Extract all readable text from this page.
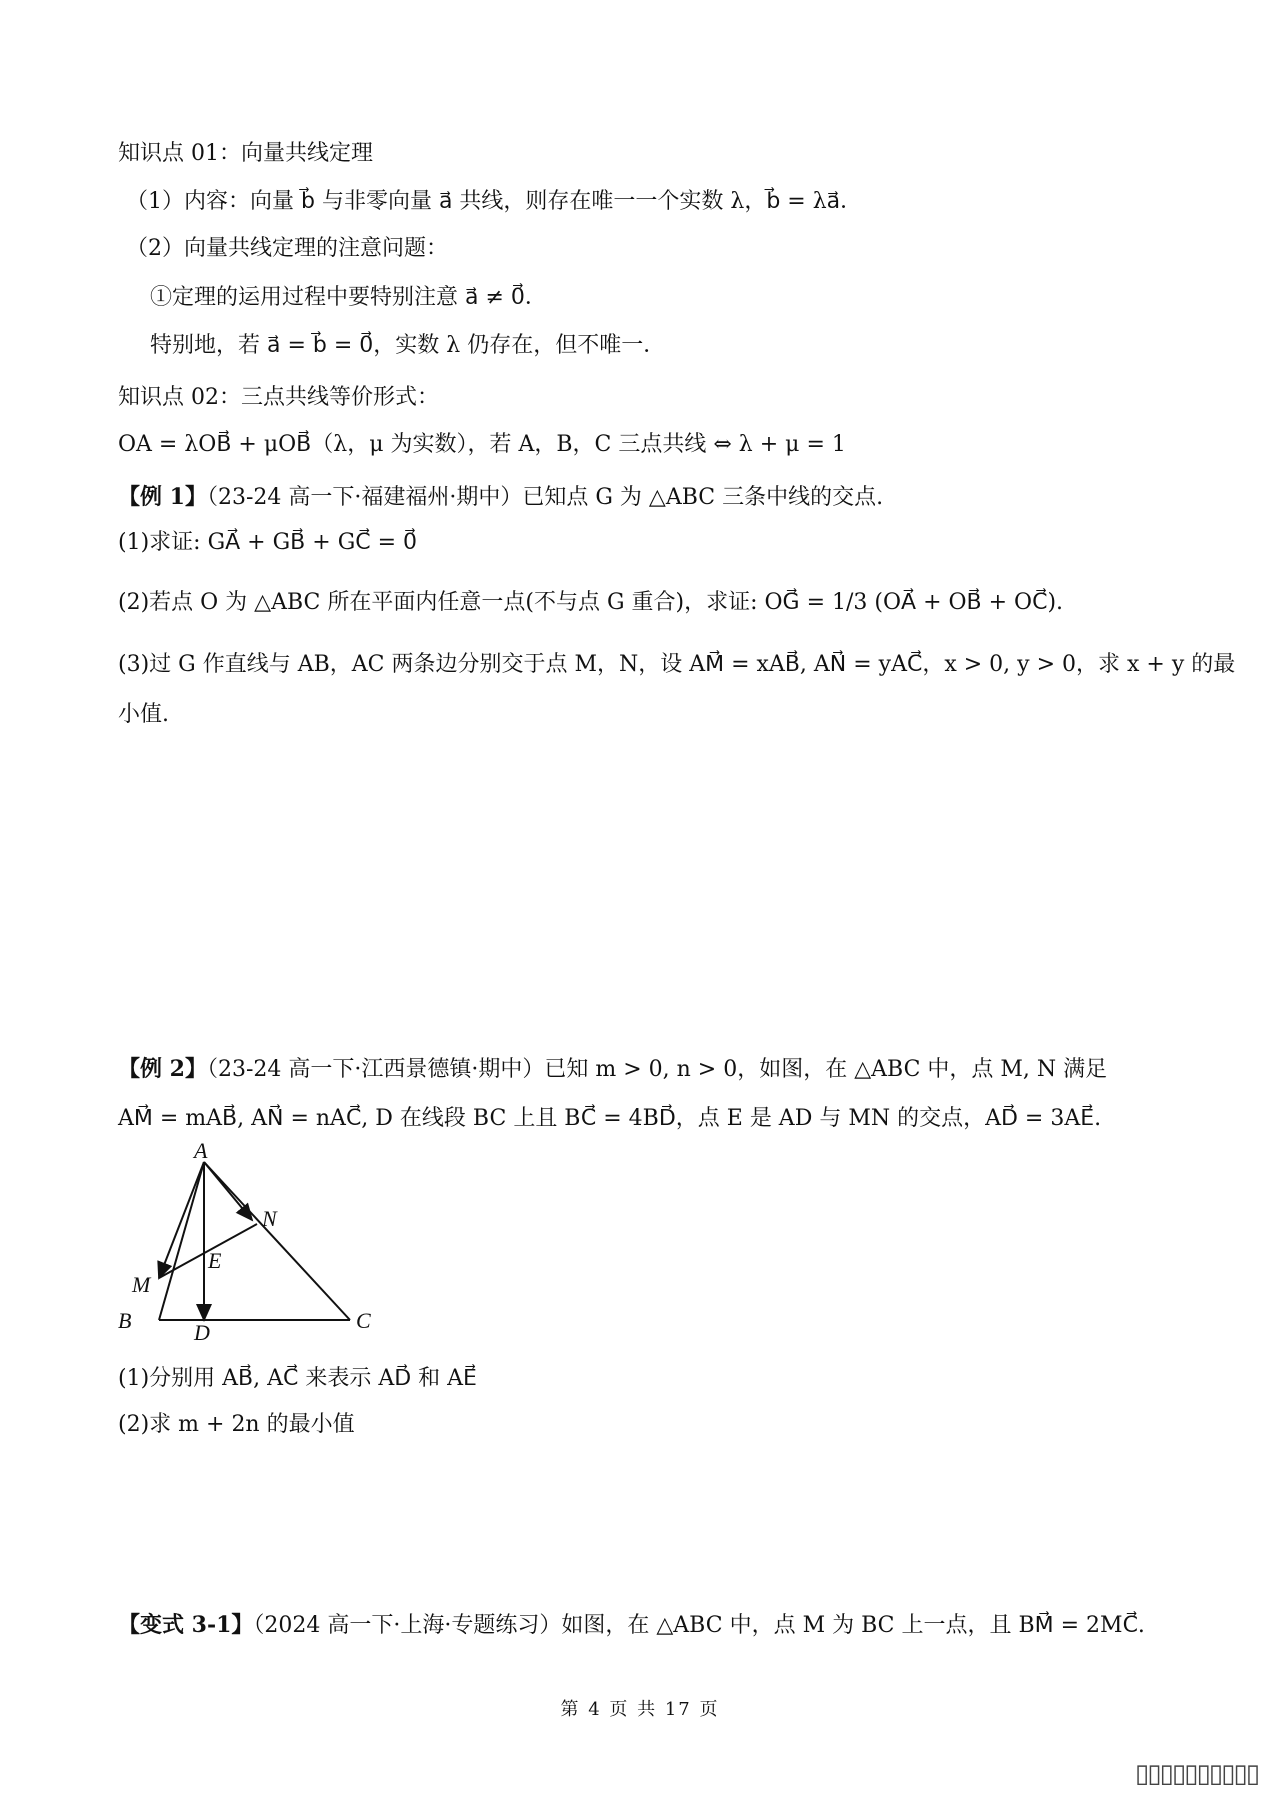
知识点 01：向量共线定理
（1）内容：向量 b⃗ 与非零向量 a⃗ 共线，则存在唯一一个实数 λ，b⃗ = λa⃗．
（2）向量共线定理的注意问题：
①定理的运用过程中要特别注意 a⃗ ≠ 0⃗．
特别地，若 a⃗ = b⃗ = 0⃗，实数 λ 仍存在，但不唯一．
知识点 02：三点共线等价形式：
OA = λOB⃗ + μOB⃗（λ，μ 为实数），若 A，B，C 三点共线 ⇔ λ + μ = 1
【例 1】（23-24 高一下·福建福州·期中）已知点 G 为 △ABC 三条中线的交点.
(1)求证: GA⃗ + GB⃗ + GC⃗ = 0⃗
(2)若点 O 为 △ABC 所在平面内任意一点(不与点 G 重合)，求证: OG⃗ = 1/3 (OA⃗ + OB⃗ + OC⃗).
(3)过 G 作直线与 AB，AC 两条边分别交于点 M，N，设 AM⃗ = xAB⃗, AN⃗ = yAC⃗，x > 0, y > 0，求 x + y 的最
小值.
【例 2】（23-24 高一下·江西景德镇·期中）已知 m > 0, n > 0，如图，在 △ABC 中，点 M, N 满足
AM⃗ = mAB⃗, AN⃗ = nAC⃗, D 在线段 BC 上且 BC⃗ = 4BD⃗，点 E 是 AD 与 MN 的交点，AD⃗ = 3AE⃗.
A
N
E
M
B	C
D
(1)分别用 AB⃗, AC⃗ 来表示 AD⃗ 和 AE⃗
(2)求 m + 2n 的最小值
【变式 3-1】（2024 高一下·上海·专题练习）如图，在 △ABC 中，点 M 为 BC 上一点，且 BM⃗ = 2MC⃗.
第 4 页 共 17 页
▯▯▯▯▯▯▯▯▯▯
